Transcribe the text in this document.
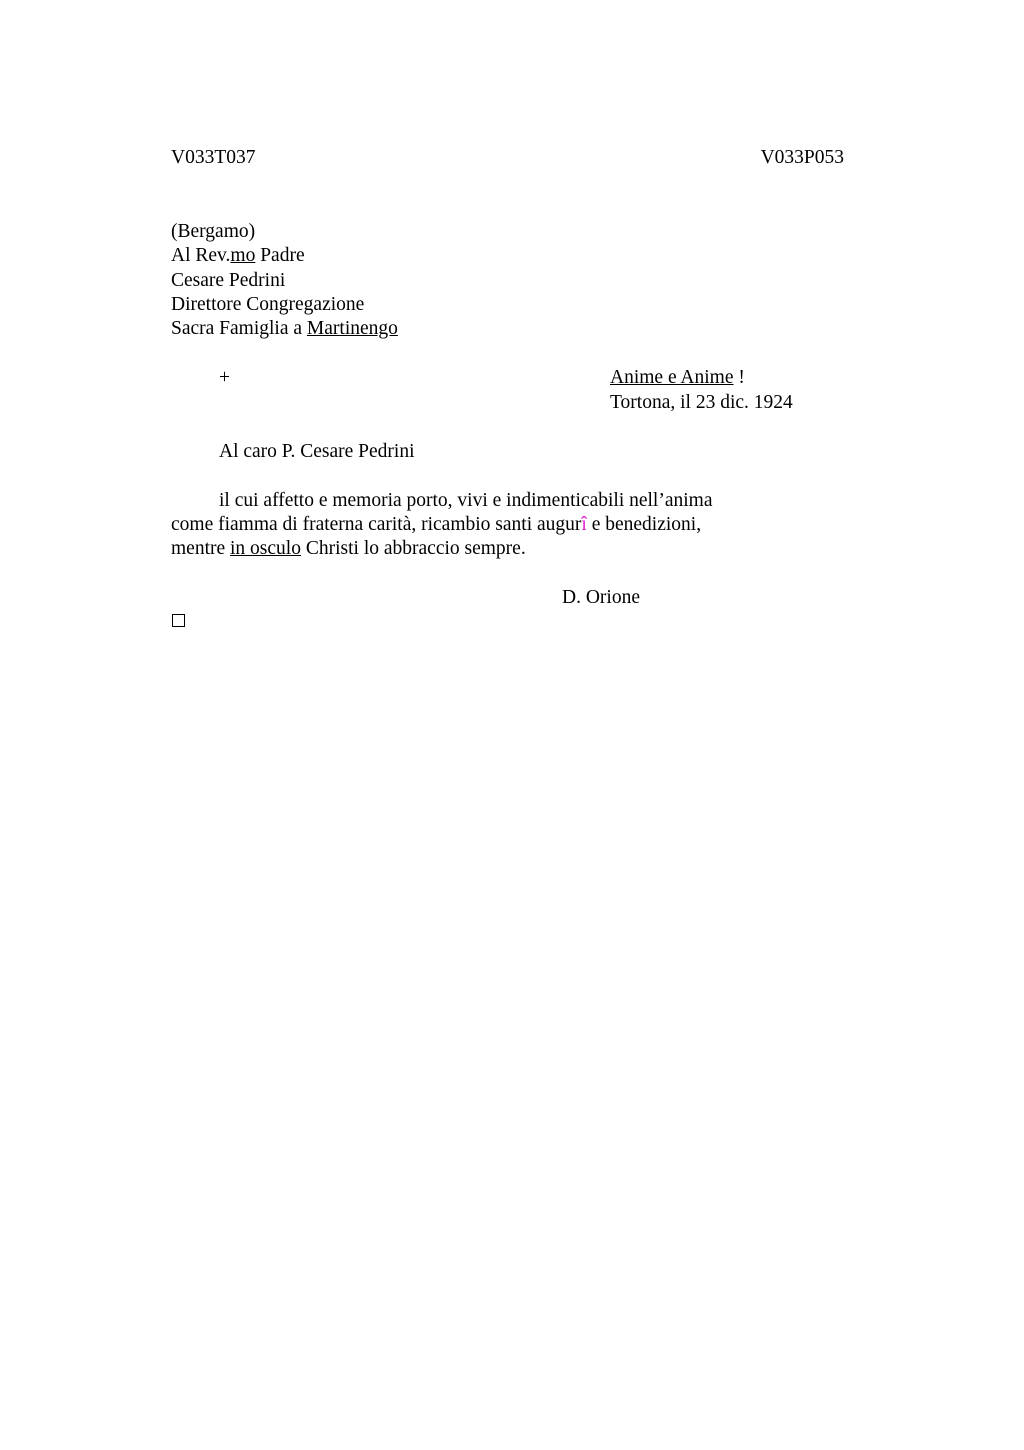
V033T037	V033P053
(Bergamo)
Al Rev.mo Padre
Cesare Pedrini
Direttore Congregazione
Sacra Famiglia a Martinengo
+	Anime e Anime !
Tortona, il 23 dic. 1924
Al caro P. Cesare Pedrini
il cui affetto e memoria porto, vivi e indimenticabili nell’anima
come fiamma di fraterna carità, ricambio santi augurî e benedizioni,
mentre in osculo Christi lo abbraccio sempre.
D. Orione
